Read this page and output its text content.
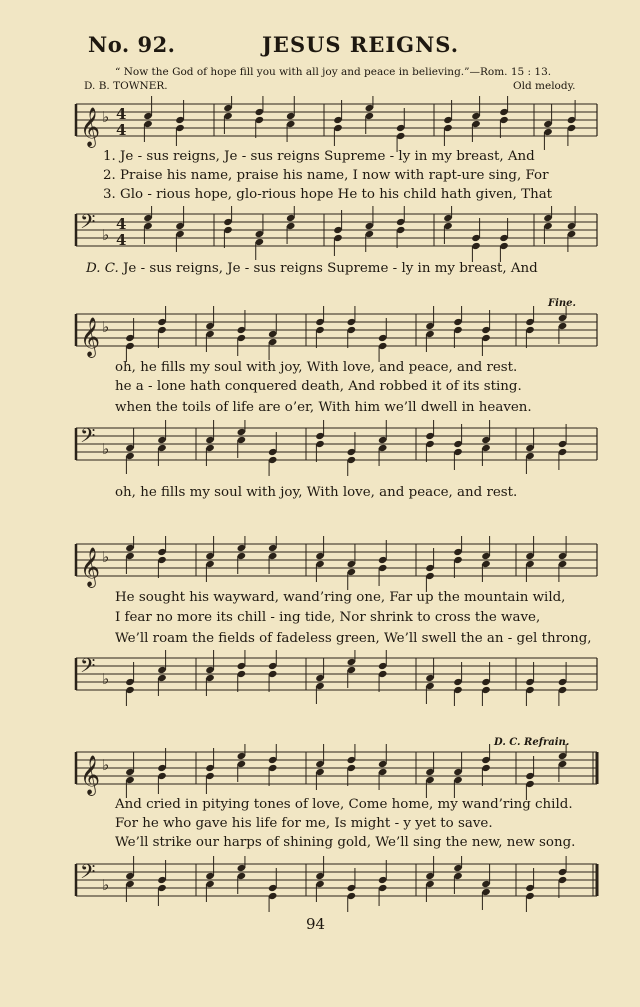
No. 92.	JESUS REIGNS.
“ Now the God of hope fill you with all joy and peace in believing.”—Rom. 15 : 13.
D. B. TOWNER.	Old melody.
𝄞 ♭ 4
4
1. Je - sus reigns, Je - sus reigns Supreme - ly in my breast, And
2. Praise his name, praise his name, I now with rapt-ure sing, For
3. Glo - rious hope, glo-rious hope He to his child hath given, That
𝄢 ♭
4
4
D. C. Je - sus reigns, Je - sus reigns Supreme - ly in my breast, And
Fine.
𝄞 ♭
oh, he fills my soul with joy, With love, and peace, and rest.
he a - lone hath conquered death, And robbed it of its sting.
when the toils of life are o’er, With him we’ll dwell in heaven.
𝄢 ♭
oh, he fills my soul with joy, With love, and peace, and rest.
𝄞 ♭
He sought his wayward, wand’ring one, Far up the mountain wild,
I fear no more its chill - ing tide, Nor shrink to cross the wave,
We’ll roam the fields of fadeless green, We’ll swell the an - gel throng,
𝄢 ♭
D. C. Refrain.
𝄞 ♭
And cried in pitying tones of love, Come home, my wand’ring child.
For he who gave his life for me, Is might - y yet to save.
We’ll strike our harps of shining gold, We’ll sing the new, new song.
𝄢 ♭
94
